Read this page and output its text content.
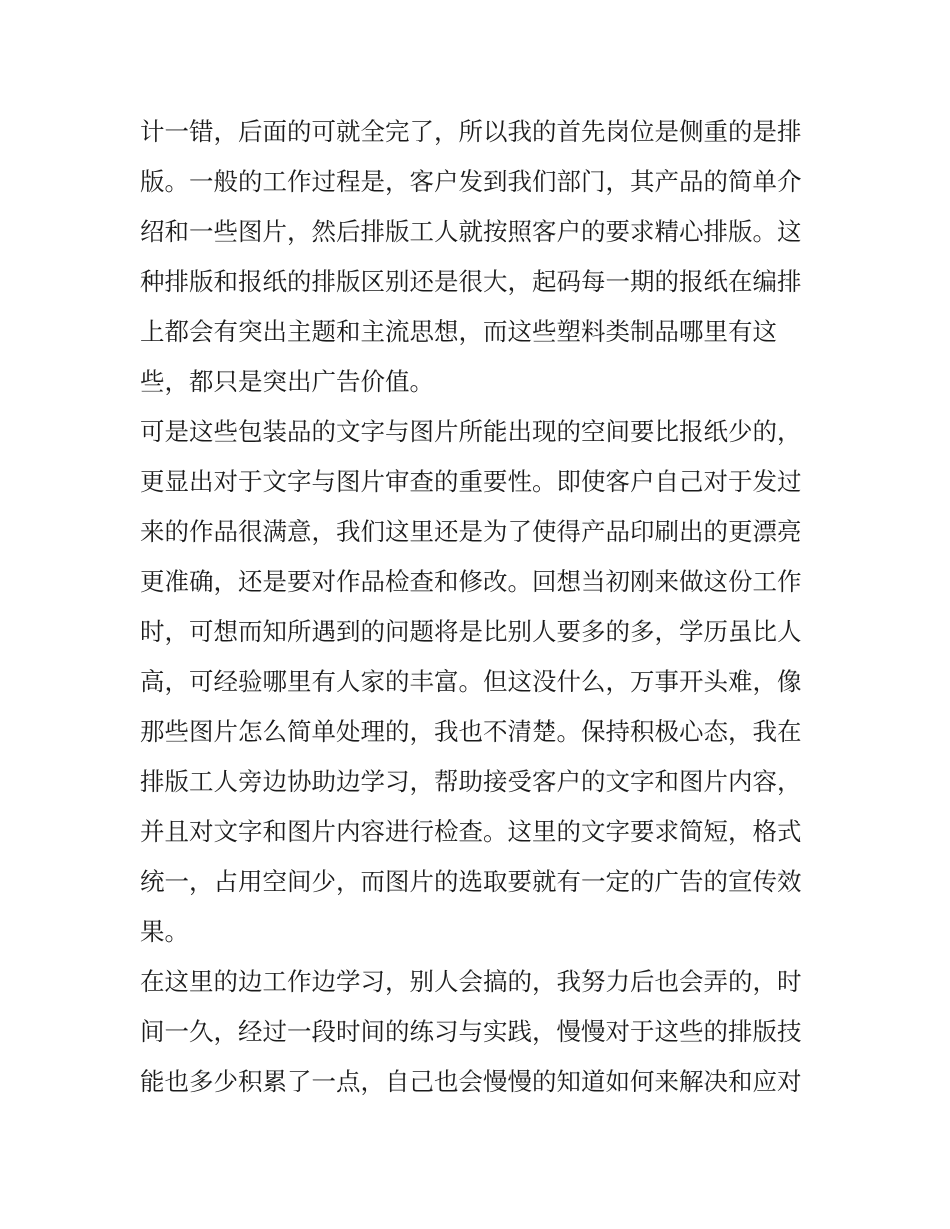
计一错，后面的可就全完了，所以我的首先岗位是侧重的是排
版。一般的工作过程是，客户发到我们部门，其产品的简单介
绍和一些图片，然后排版工人就按照客户的要求精心排版。这
种排版和报纸的排版区别还是很大，起码每一期的报纸在编排
上都会有突出主题和主流思想，而这些塑料类制品哪里有这
些，都只是突出广告价值。
可是这些包装品的文字与图片所能出现的空间要比报纸少的，
更显出对于文字与图片审查的重要性。即使客户自己对于发过
来的作品很满意，我们这里还是为了使得产品印刷出的更漂亮
更准确，还是要对作品检查和修改。回想当初刚来做这份工作
时，可想而知所遇到的问题将是比别人要多的多，学历虽比人
高，可经验哪里有人家的丰富。但这没什么，万事开头难，像
那些图片怎么简单处理的，我也不清楚。保持积极心态，我在
排版工人旁边协助边学习，帮助接受客户的文字和图片内容，
并且对文字和图片内容进行检查。这里的文字要求简短，格式
统一，占用空间少，而图片的选取要就有一定的广告的宣传效
果。
在这里的边工作边学习，别人会搞的，我努力后也会弄的，时
间一久，经过一段时间的练习与实践，慢慢对于这些的排版技
能也多少积累了一点，自己也会慢慢的知道如何来解决和应对
